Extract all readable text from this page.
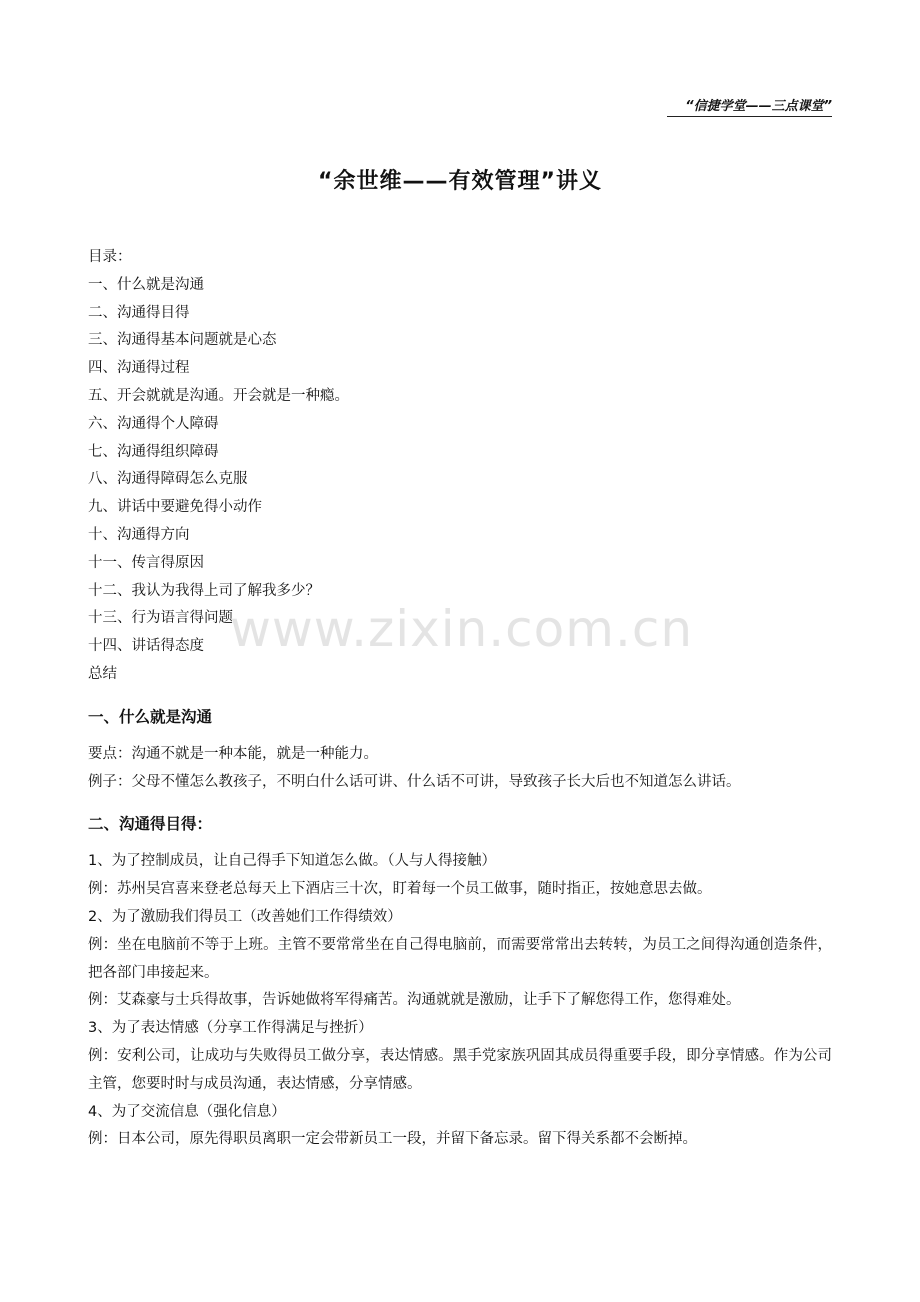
“信捷学堂——三点课堂”
“余世维——有效管理”讲义
www.zixin.com.cn

目录：

一、什么就是沟通

二、沟通得目得

三、沟通得基本问题就是心态

四、沟通得过程

五、开会就就是沟通。开会就是一种瘾。

六、沟通得个人障碍

七、沟通得组织障碍

八、沟通得障碍怎么克服

九、讲话中要避免得小动作

十、沟通得方向

十一、传言得原因

十二、我认为我得上司了解我多少？

十三、行为语言得问题

十四、讲话得态度

总结

一、什么就是沟通

要点：沟通不就是一种本能，就是一种能力。

例子：父母不懂怎么教孩子，不明白什么话可讲、什么话不可讲，导致孩子长大后也不知道怎么讲话。

二、沟通得目得：

1、为了控制成员，让自己得手下知道怎么做。（人与人得接触）

例：苏州吴宫喜来登老总每天上下酒店三十次，盯着每一个员工做事，随时指正，按她意思去做。

2、为了激励我们得员工（改善她们工作得绩效）

例：坐在电脑前不等于上班。主管不要常常坐在自己得电脑前，而需要常常出去转转，为员工之间得沟通创造条件，把各部门串接起来。

例：艾森豪与士兵得故事，告诉她做将军得痛苦。沟通就就是激励，让手下了解您得工作，您得难处。

3、为了表达情感（分享工作得满足与挫折）

例：安利公司，让成功与失败得员工做分享，表达情感。黑手党家族巩固其成员得重要手段，即分享情感。作为公司主管，您要时时与成员沟通，表达情感，分享情感。

4、为了交流信息（强化信息）

例：日本公司，原先得职员离职一定会带新员工一段，并留下备忘录。留下得关系都不会断掉。
